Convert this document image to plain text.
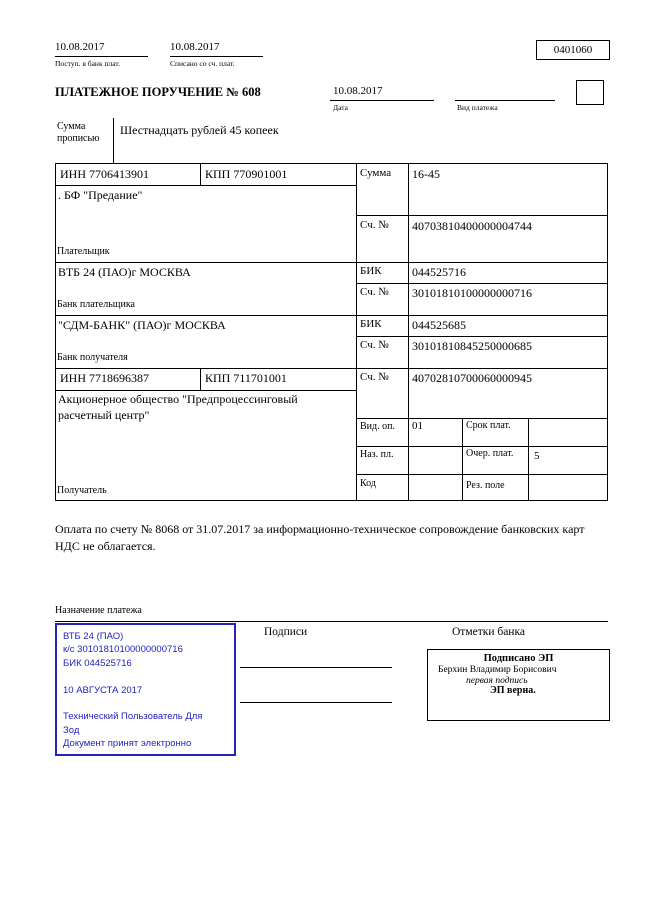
10.08.2017
Поступ. в банк плат.
10.08.2017
Списано со сч. плат.
0401060
ПЛАТЕЖНОЕ ПОРУЧЕНИЕ № 608	10.08.2017
Дата	Вид платежа
Сумма прописью
Шестнадцать рублей 45 копеек
ИНН 7706413901	КПП 770901001	Сумма 16-45
. БФ "Предание"
Сч. № 40703810400000004744
Плательщик
ВТБ 24 (ПАО)г МОСКВА	БИК	044525716
Сч. № 30101810100000000716
Банк плательщика
"СДМ-БАНК" (ПАО)г МОСКВА	БИК	044525685
Сч. № 30101810845250000685
Банк получателя
ИНН 7718696387	КПП 711701001	Сч. № 40702810700060000945
Акционерное общество "Предпроцессинговый расчетный центр"
Вид. оп. 01	Срок плат.
Наз. пл.	Очер. плат. 5
Код	Рез. поле
Получатель
Оплата по счету № 8068 от 31.07.2017 за информационно-техническое сопровождение банковских карт НДС не облагается.
Назначение платежа
ВТБ 24 (ПАО)
к/с 30101810100000000716
БИК 044525716
10 АВГУСТА 2017
Технический Пользователь Для
Зод
Документ принят электронно
Подписи	Отметки банка
Подписано ЭП
Берхин Владимир Борисович
первая подпись
ЭП верна.
